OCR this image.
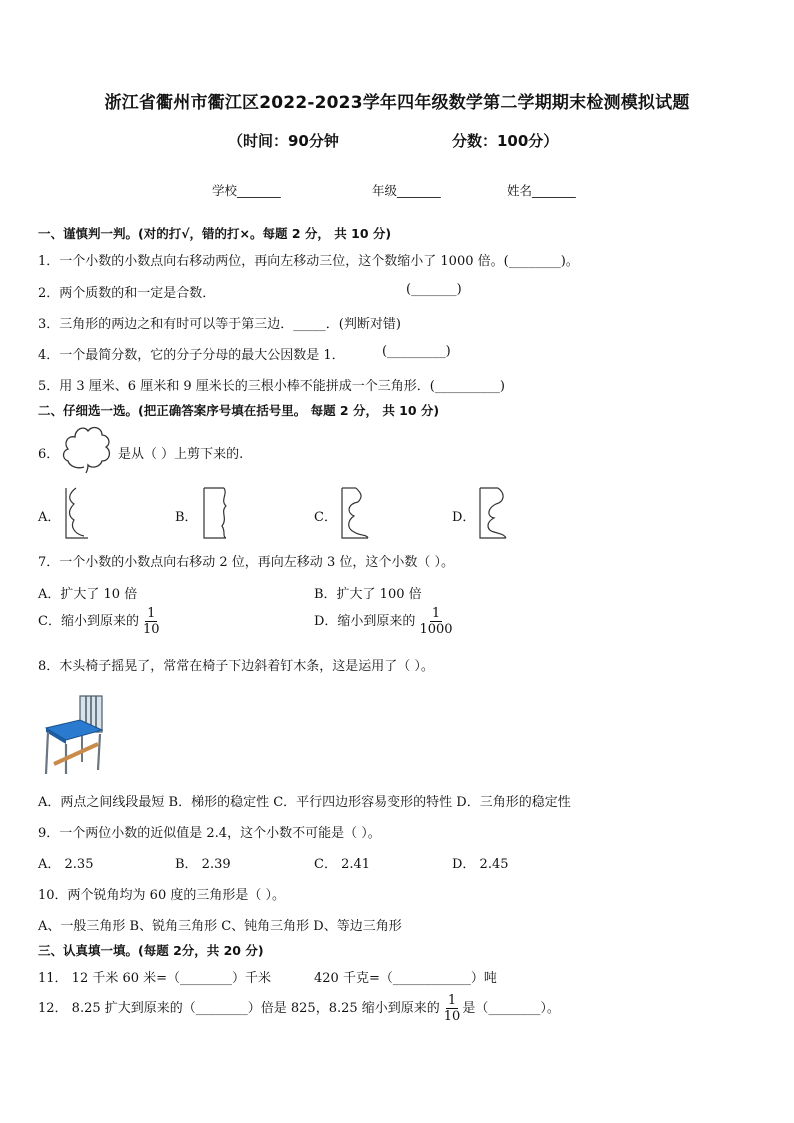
浙江省衢州市衢江区2022-2023学年四年级数学第二学期期末检测模拟试题
（时间：90分钟	分数：100分）
学校_______	年级_______	姓名_______
一、谨慎判一判。(对的打√，错的打×。每题 2 分， 共 10 分)
1．一个小数的小数点向右移动两位，再向左移动三位，这个数缩小了 1000 倍。(________)。
2．两个质数的和一定是合数．	(_______)
3．三角形的两边之和有时可以等于第三边．_____．(判断对错)
4．一个最简分数，它的分子分母的最大公因数是 1．	(_________)
5．用 3 厘米、6 厘米和 9 厘米长的三根小棒不能拼成一个三角形．(__________)
二、仔细选一选。(把正确答案序号填在括号里。 每题 2 分， 共 10 分)
6．	是从（ ）上剪下来的.
A．	B．	C．	D．
7．一个小数的小数点向右移动 2 位，再向左移动 3 位，这个小数（ ）。
A．扩大了 10 倍	B．扩大了 100 倍
C．缩小到原来的 $\frac{1}{10}$	D．缩小到原来的 $\frac{1}{1000}$
8．木头椅子摇晃了，常常在椅子下边斜着钉木条，这是运用了（ ）。
A．两点之间线段最短 B．梯形的稳定性 C．平行四边形容易变形的特性 D．三角形的稳定性
9．一个两位小数的近似值是 2.4，这个小数不可能是（ ）。
A． 2.35	B． 2.39	C． 2.41	D． 2.45
10．两个锐角均为 60 度的三角形是（ ）。
A、一般三角形 B、锐角三角形 C、钝角三角形 D、等边三角形
三、认真填一填。(每题 2分，共 20 分)
11． 12 千米 60 米=（________）千米	420 千克=（____________）吨
12． 8.25 扩大到原来的（________）倍是 825，8.25 缩小到原来的 $\frac{1}{10}$ 是（________）。
